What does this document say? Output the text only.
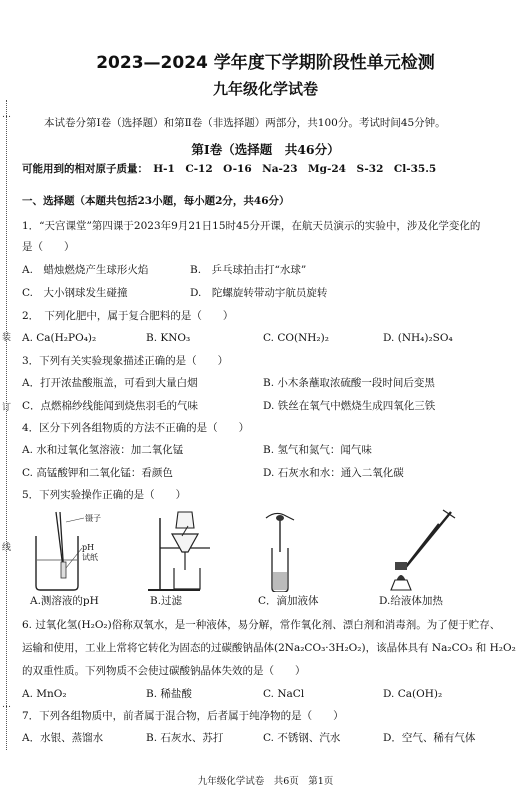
…
装
订
线
…
2023—2024 学年度下学期阶段性单元检测
九年级化学试卷
本试卷分第Ⅰ卷（选择题）和第Ⅱ卷（非选择题）两部分，共100分。考试时间45分钟。
第Ⅰ卷（选择题　共46分）
可能用到的相对原子质量：　H-1　C-12　O-16　Na-23　Mg-24　S-32　Cl-35.5
一、选择题（本题共包括23小题，每小题2分，共46分）
1．“天宫课堂”第四课于2023年9月21日15时45分开课，在航天员演示的实验中，涉及化学变化的
是（　　）
A.　蜡烛燃烧产生球形火焰	B.　乒乓球拍击打“水球”
C.　大小钢球发生碰撞	D.　陀螺旋转带动宇航员旋转
2．　下列化肥中，属于复合肥料的是（　　）
A. Ca(H₂PO₄)₂	B. KNO₃	C. CO(NH₂)₂	D. (NH₄)₂SO₄
3．下列有关实验现象描述正确的是（　　）
A．打开浓盐酸瓶盖，可看到大量白烟	B. 小木条蘸取浓硫酸一段时间后变黑
C．点燃棉纱线能闻到烧焦羽毛的气味	D. 铁丝在氧气中燃烧生成四氧化三铁
4．区分下列各组物质的方法不正确的是（　　）
A. 水和过氧化氢溶液：加二氧化锰	B. 氢气和氮气：闻气味
C. 高锰酸钾和二氧化锰：看颜色	D. 石灰水和水：通入二氧化碳
5．下列实验操作正确的是（　　）
镊子
pH
试纸
A.测溶液的pH	B.过滤	C．滴加液体	D.给液体加热
6. 过氧化氢(H₂O₂)俗称双氧水，是一种液体，易分解，常作氧化剂、漂白剂和消毒剂。为了便于贮存、
运输和使用，工业上常将它转化为固态的过碳酸钠晶体(2Na₂CO₃·3H₂O₂)，该晶体具有 Na₂CO₃ 和 H₂O₂
的双重性质。下列物质不会使过碳酸钠晶体失效的是（　　）
A. MnO₂	B. 稀盐酸	C. NaCl	D. Ca(OH)₂
7．下列各组物质中，前者属于混合物，后者属于纯净物的是（　　）
A．水银、蒸馏水	B. 石灰水、苏打	C. 不锈钢、汽水	D．空气、稀有气体
九年级化学试卷　共6页　第1页
